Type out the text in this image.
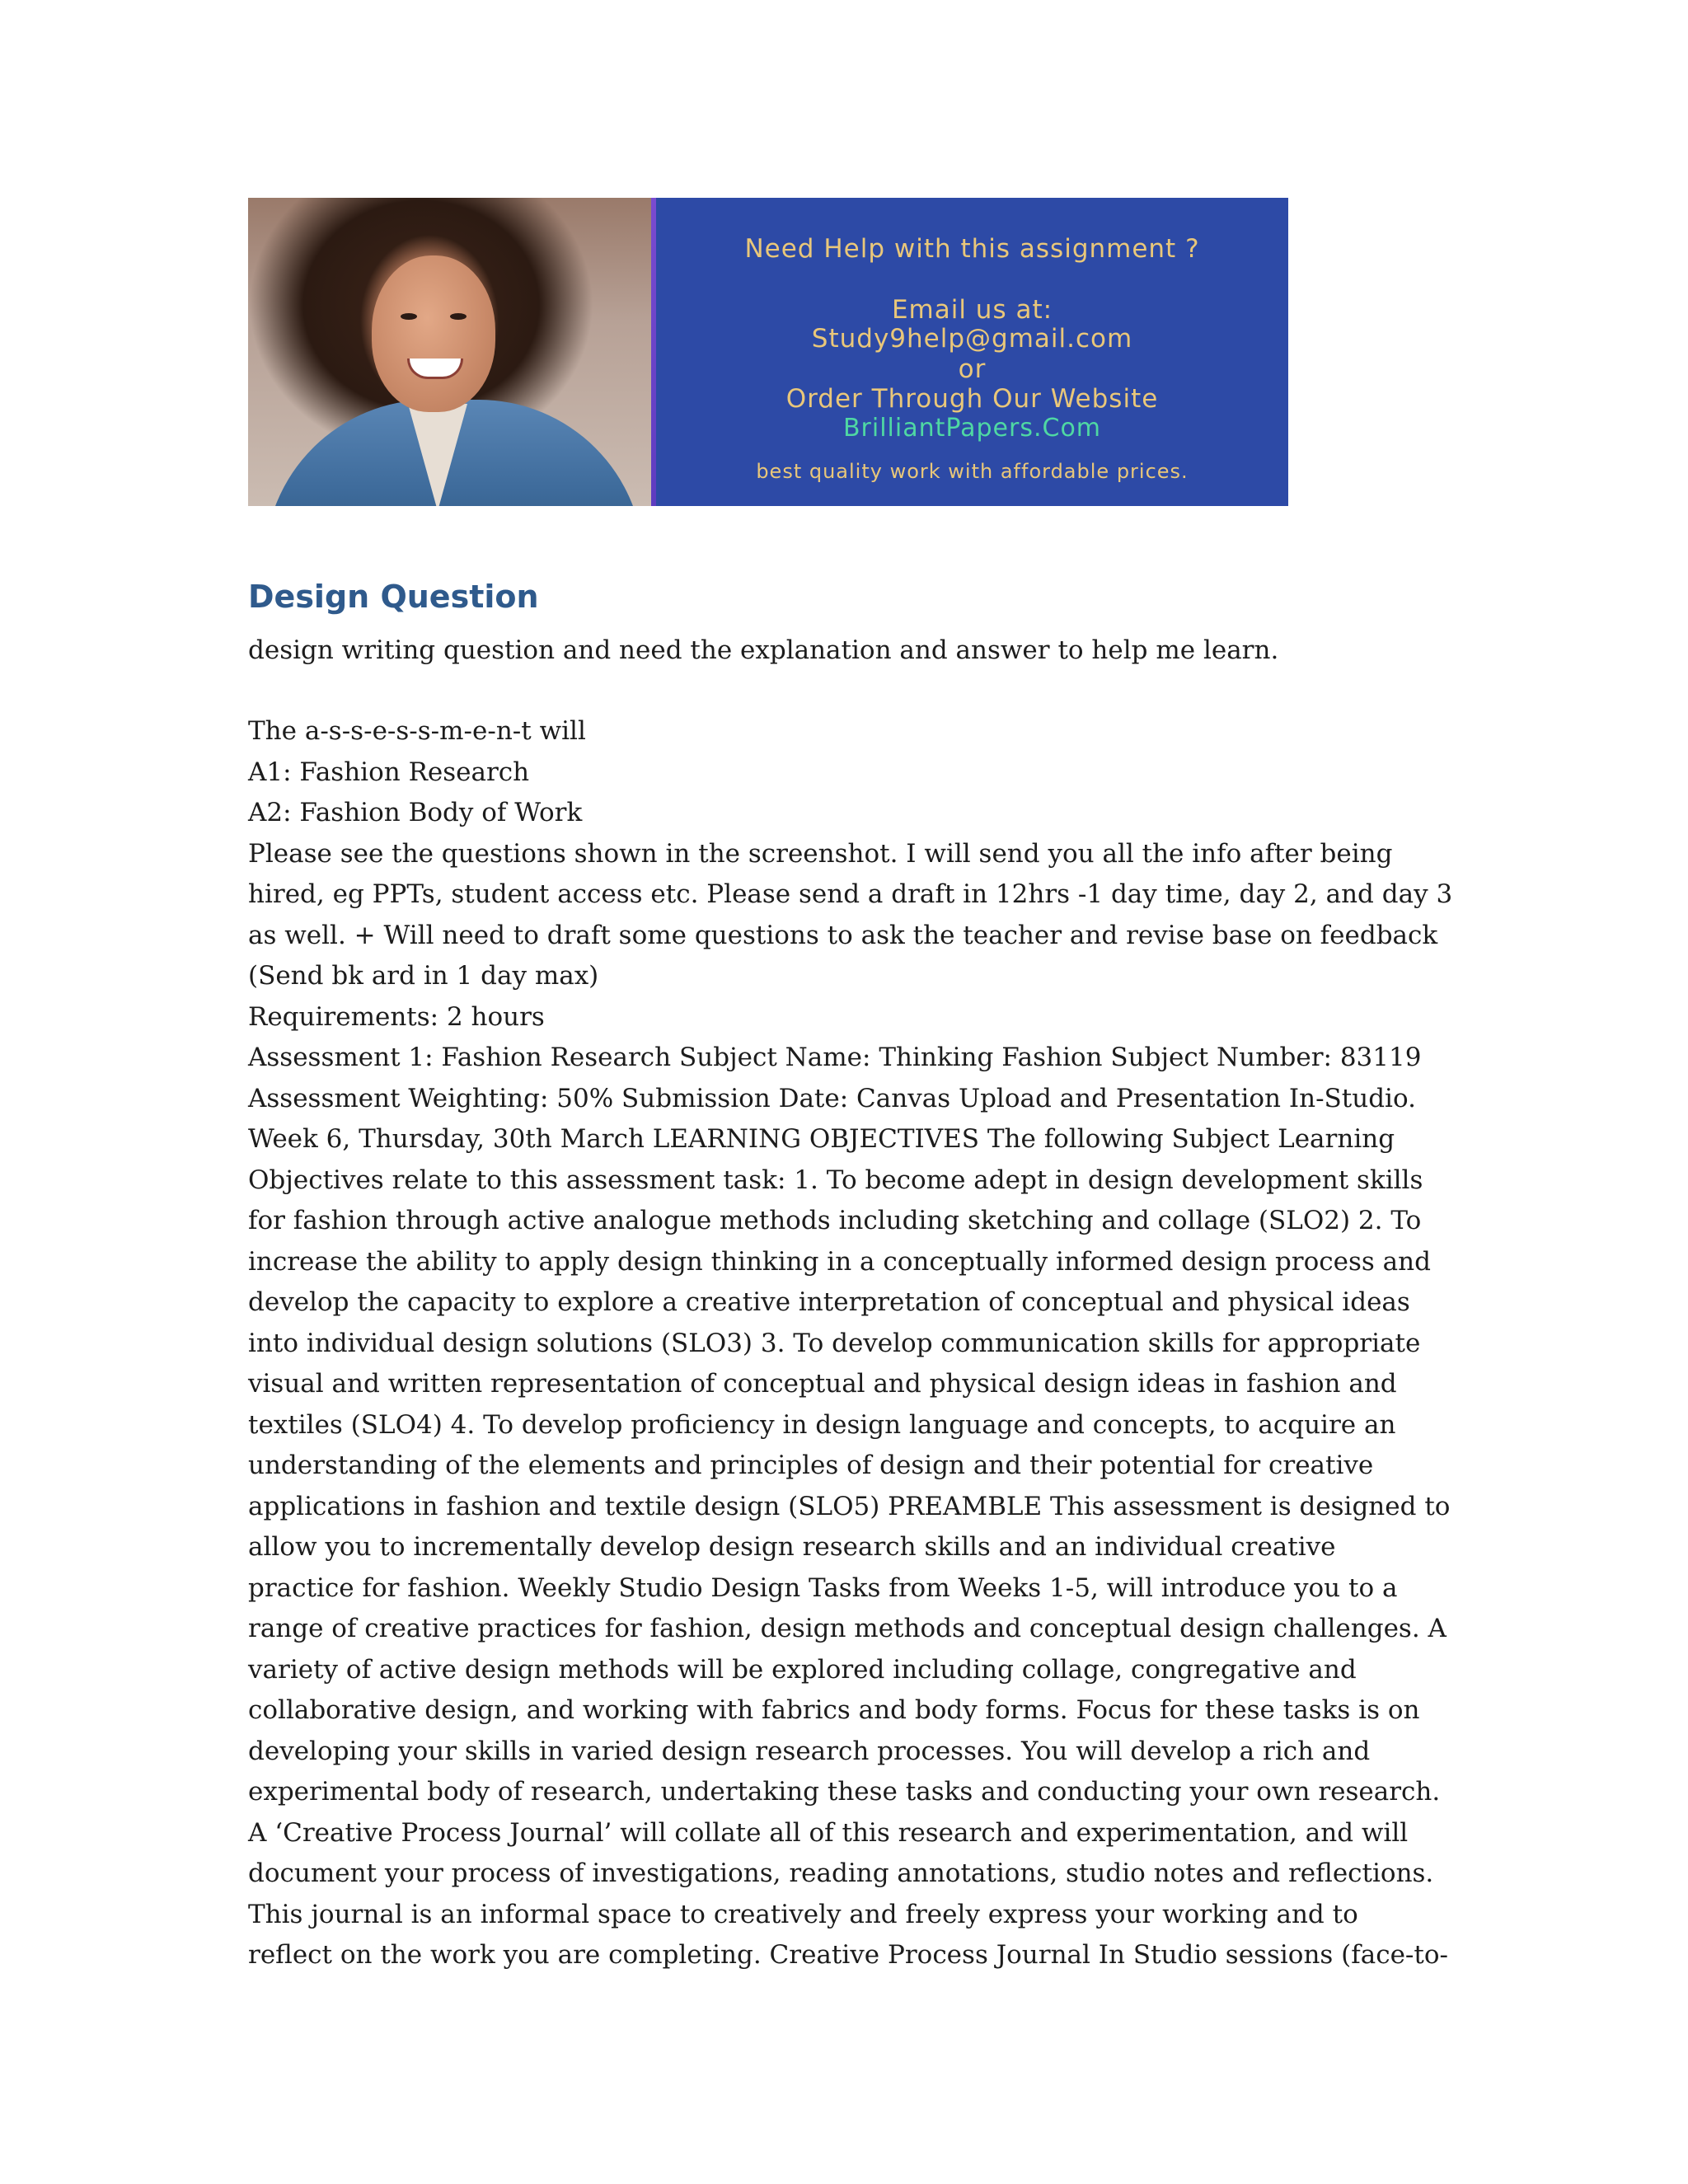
Need Help with this assignment ?
Email us at:
Study9help@gmail.com
or
Order Through Our Website
BrilliantPapers.Com
best quality work with affordable prices.
Design Question

design writing question and need the explanation and answer to help me learn.

The a-s-s-e-s-s-m-e-n-t will
A1: Fashion Research
A2: Fashion Body of Work
Please see the questions shown in the screenshot. I will send you all the info after being
hired, eg PPTs, student access etc. Please send a draft in 12hrs -1 day time, day 2, and day 3
as well. + Will need to draft some questions to ask the teacher and revise base on feedback
(Send bk ard in 1 day max)
Requirements: 2 hours
Assessment 1: Fashion Research Subject Name: Thinking Fashion Subject Number: 83119
Assessment Weighting: 50% Submission Date: Canvas Upload and Presentation In-Studio.
Week 6, Thursday, 30th March LEARNING OBJECTIVES The following Subject Learning
Objectives relate to this assessment task: 1. To become adept in design development skills
for fashion through active analogue methods including sketching and collage (SLO2) 2. To
increase the ability to apply design thinking in a conceptually informed design process and
develop the capacity to explore a creative interpretation of conceptual and physical ideas
into individual design solutions (SLO3) 3. To develop communication skills for appropriate
visual and written representation of conceptual and physical design ideas in fashion and
textiles (SLO4) 4. To develop proficiency in design language and concepts, to acquire an
understanding of the elements and principles of design and their potential for creative
applications in fashion and textile design (SLO5) PREAMBLE This assessment is designed to
allow you to incrementally develop design research skills and an individual creative
practice for fashion. Weekly Studio Design Tasks from Weeks 1-5, will introduce you to a
range of creative practices for fashion, design methods and conceptual design challenges. A
variety of active design methods will be explored including collage, congregative and
collaborative design, and working with fabrics and body forms. Focus for these tasks is on
developing your skills in varied design research processes. You will develop a rich and
experimental body of research, undertaking these tasks and conducting your own research.
A ‘Creative Process Journal’ will collate all of this research and experimentation, and will
document your process of investigations, reading annotations, studio notes and reflections.
This journal is an informal space to creatively and freely express your working and to
reflect on the work you are completing. Creative Process Journal In Studio sessions (face-to-
